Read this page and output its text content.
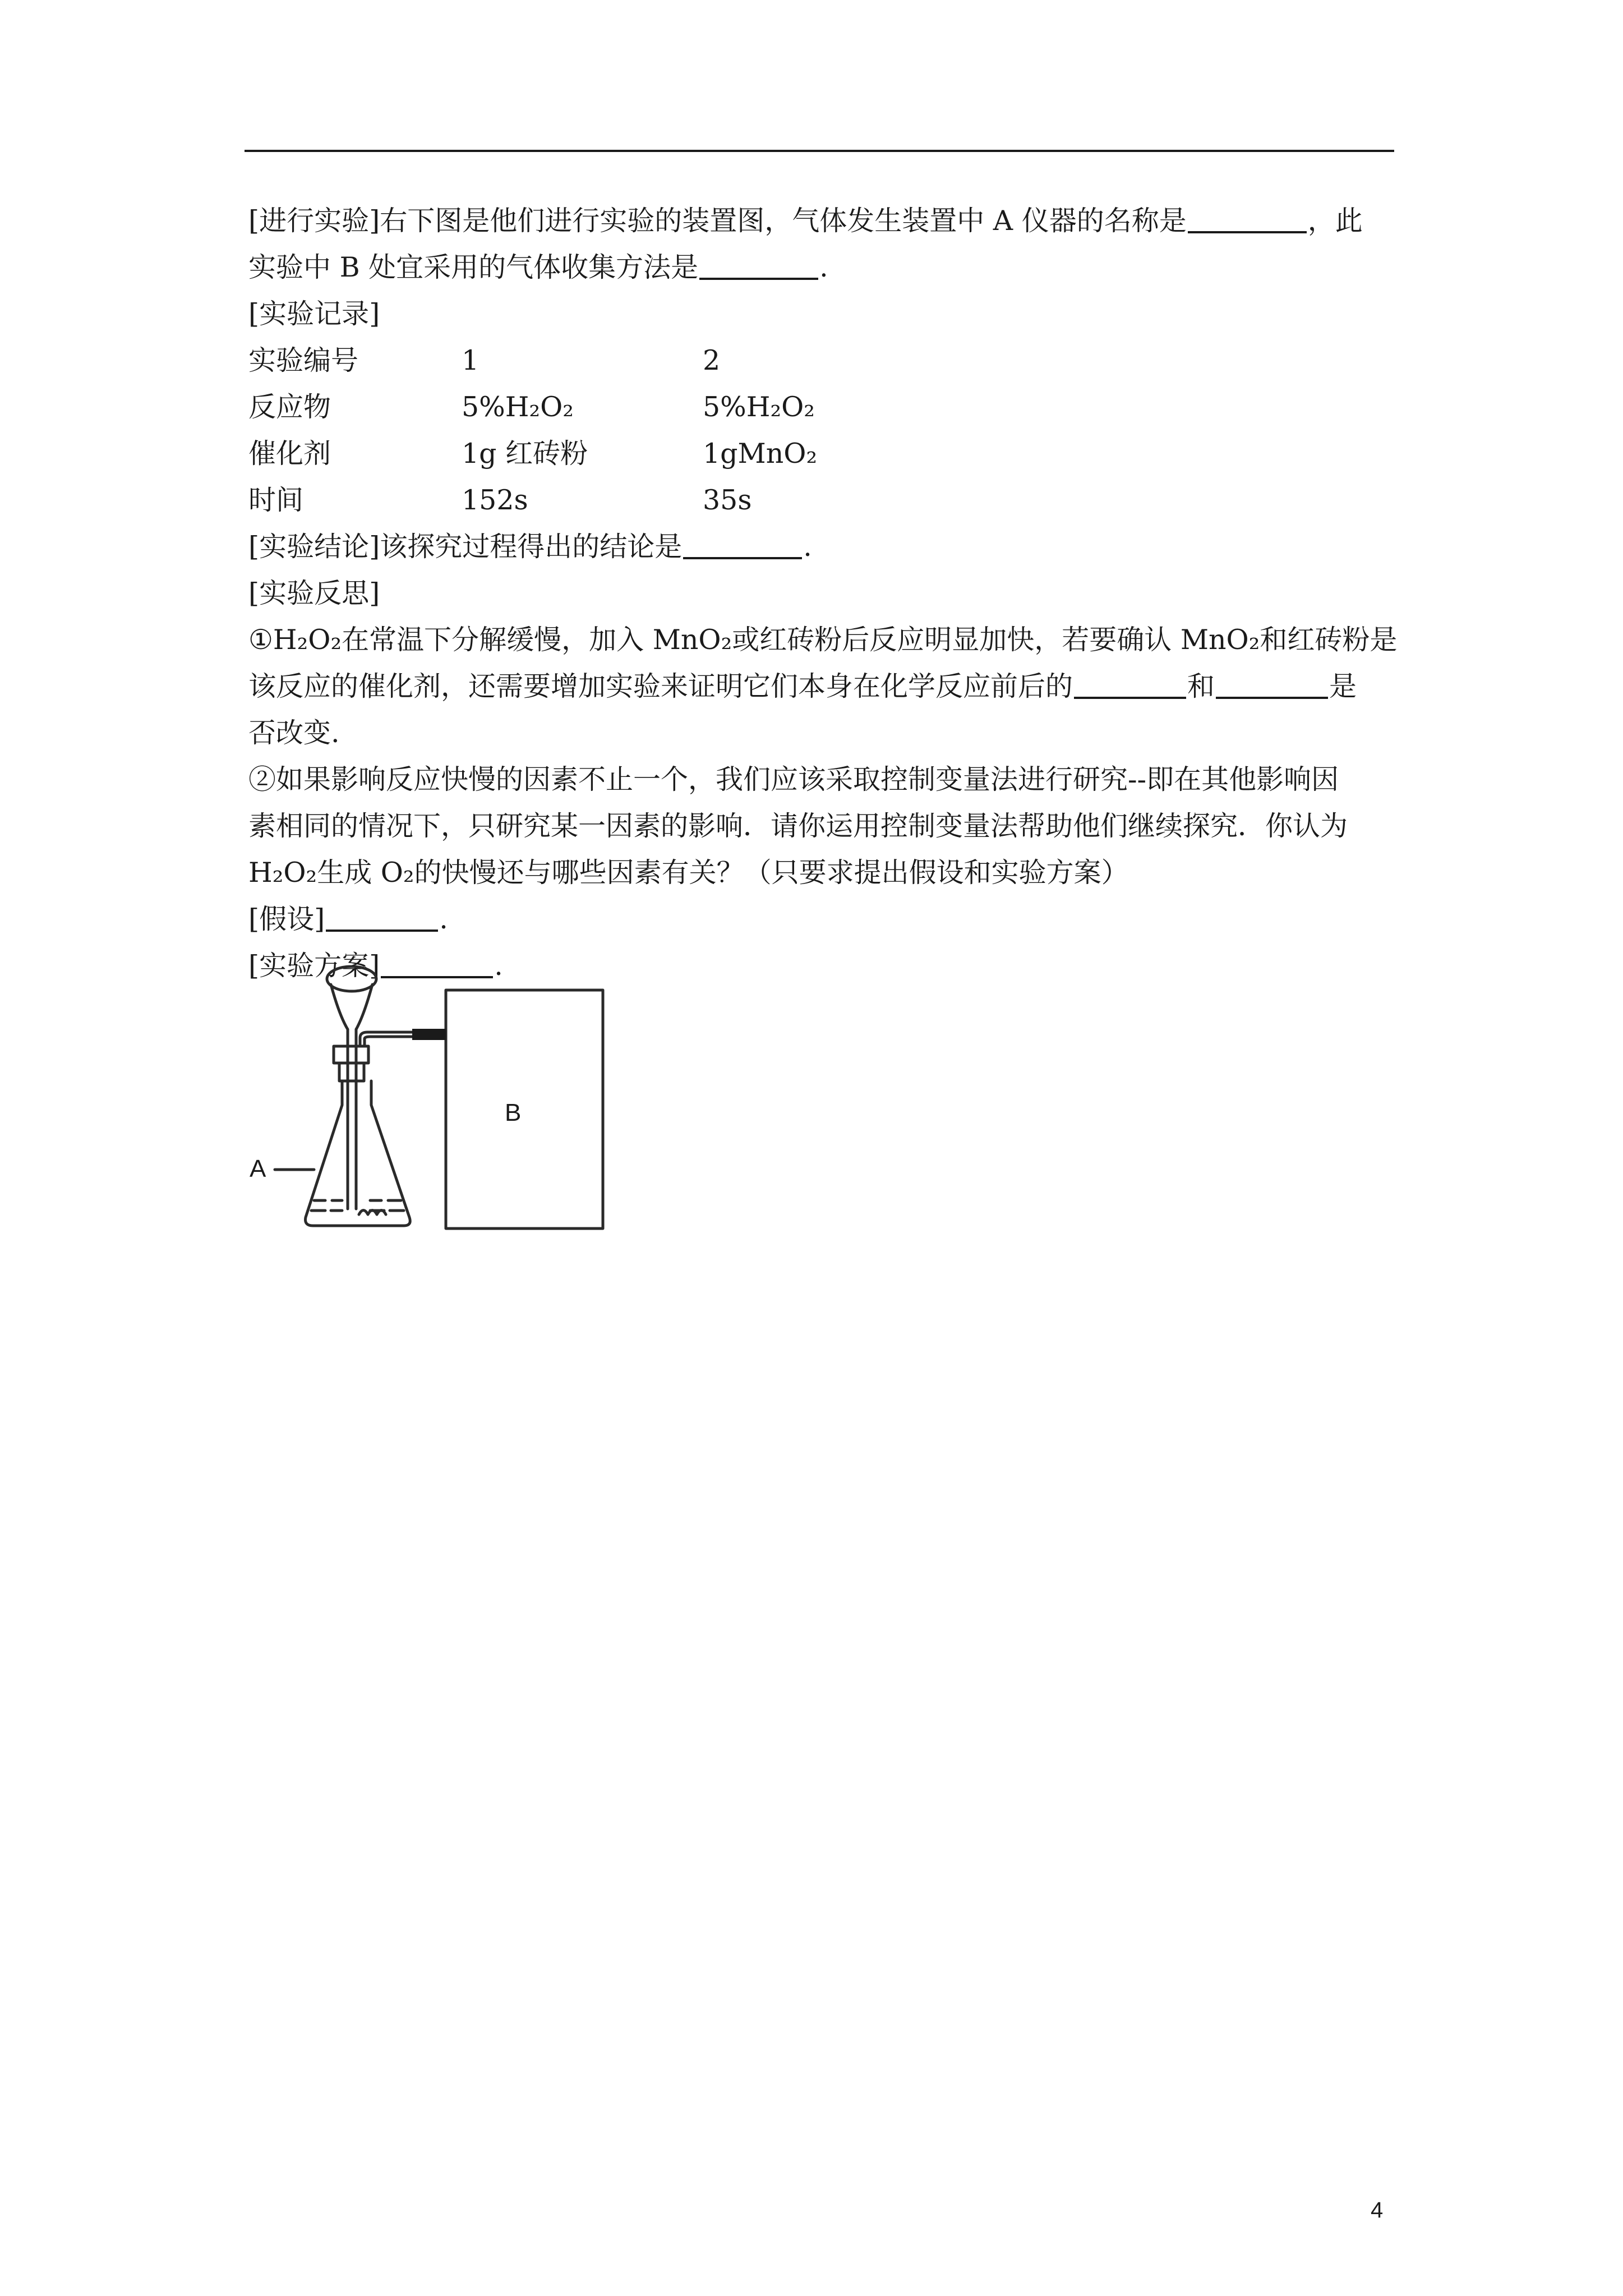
[进行实验]右下图是他们进行实验的装置图，气体发生装置中 A 仪器的名称是	，此
实验中 B 处宜采用的气体收集方法是	.
[实验记录]
实验编号	1	2
反应物	5%H₂O₂	5%H₂O₂
催化剂	1g 红砖粉	1gMnO₂
时间	152s	35s
[实验结论]该探究过程得出的结论是	.
[实验反思]
①H₂O₂在常温下分解缓慢，加入 MnO₂或红砖粉后反应明显加快，若要确认 MnO₂和红砖粉是
该反应的催化剂，还需要增加实验来证明它们本身在化学反应前后的	和	是
否改变.
②如果影响反应快慢的因素不止一个，我们应该采取控制变量法进行研究--即在其他影响因
素相同的情况下，只研究某一因素的影响．请你运用控制变量法帮助他们继续探究．你认为
H₂O₂生成 O₂的快慢还与哪些因素有关？（只要求提出假设和实验方案）
[假设]	.
[实验方案]	.
A
B
4
